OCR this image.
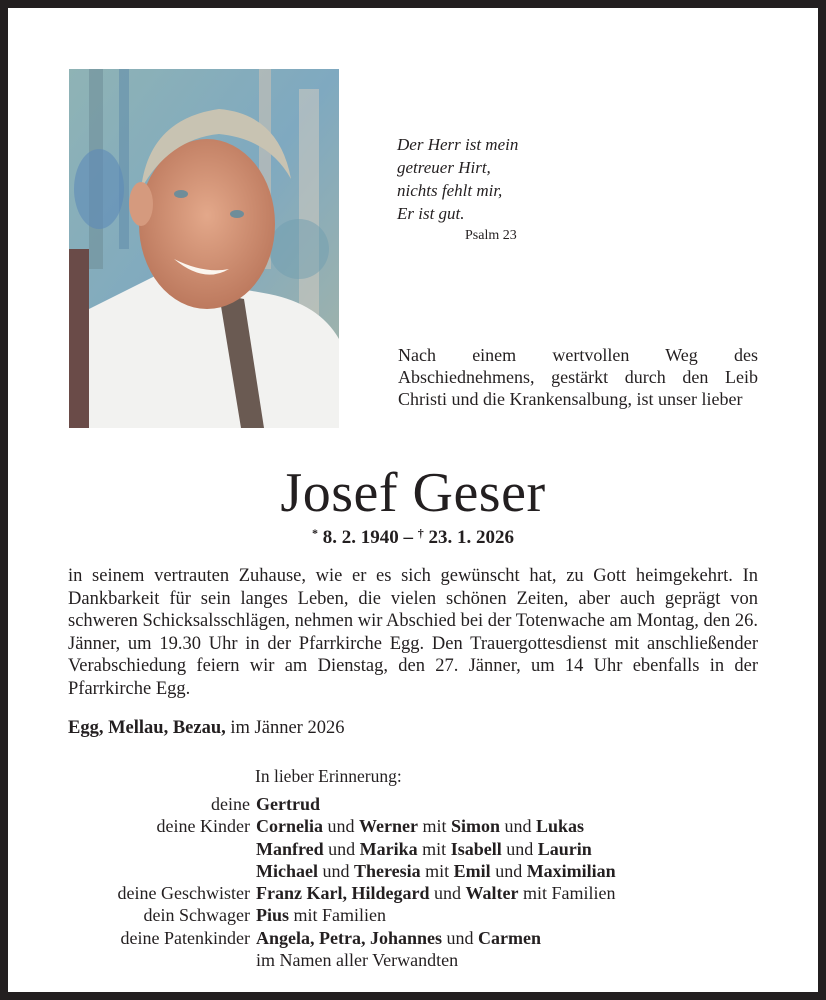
Der Herr ist mein
getreuer Hirt,
nichts fehlt mir,
Er ist gut.
Psalm 23
Nach einem wertvollen Weg des Abschiednehmens, gestärkt durch den Leib Christi und die Krankensalbung, ist unser lieber
Josef Geser
* 8. 2. 1940 – † 23. 1. 2026
in seinem vertrauten Zuhause, wie er es sich gewünscht hat, zu Gott heimgekehrt. In Dankbarkeit für sein langes Leben, die vielen schönen Zeiten, aber auch geprägt von schweren Schicksalsschlägen, nehmen wir Abschied bei der Totenwache am Montag, den 26. Jänner, um 19.30 Uhr in der Pfarrkirche Egg. Den Trauergottesdienst mit anschließender Verabschiedung feiern wir am Dienstag, den 27. Jänner, um 14 Uhr ebenfalls in der Pfarrkirche Egg.
Egg, Mellau, Bezau, im Jänner 2026
In lieber Erinnerung:
deine Gertrud
deine Kinder Cornelia und Werner mit Simon und Lukas
Manfred und Marika mit Isabell und Laurin
Michael und Theresia mit Emil und Maximilian
deine Geschwister Franz Karl, Hildegard und Walter mit Familien
dein Schwager Pius mit Familien
deine Patenkinder Angela, Petra, Johannes und Carmen
im Namen aller Verwandten
